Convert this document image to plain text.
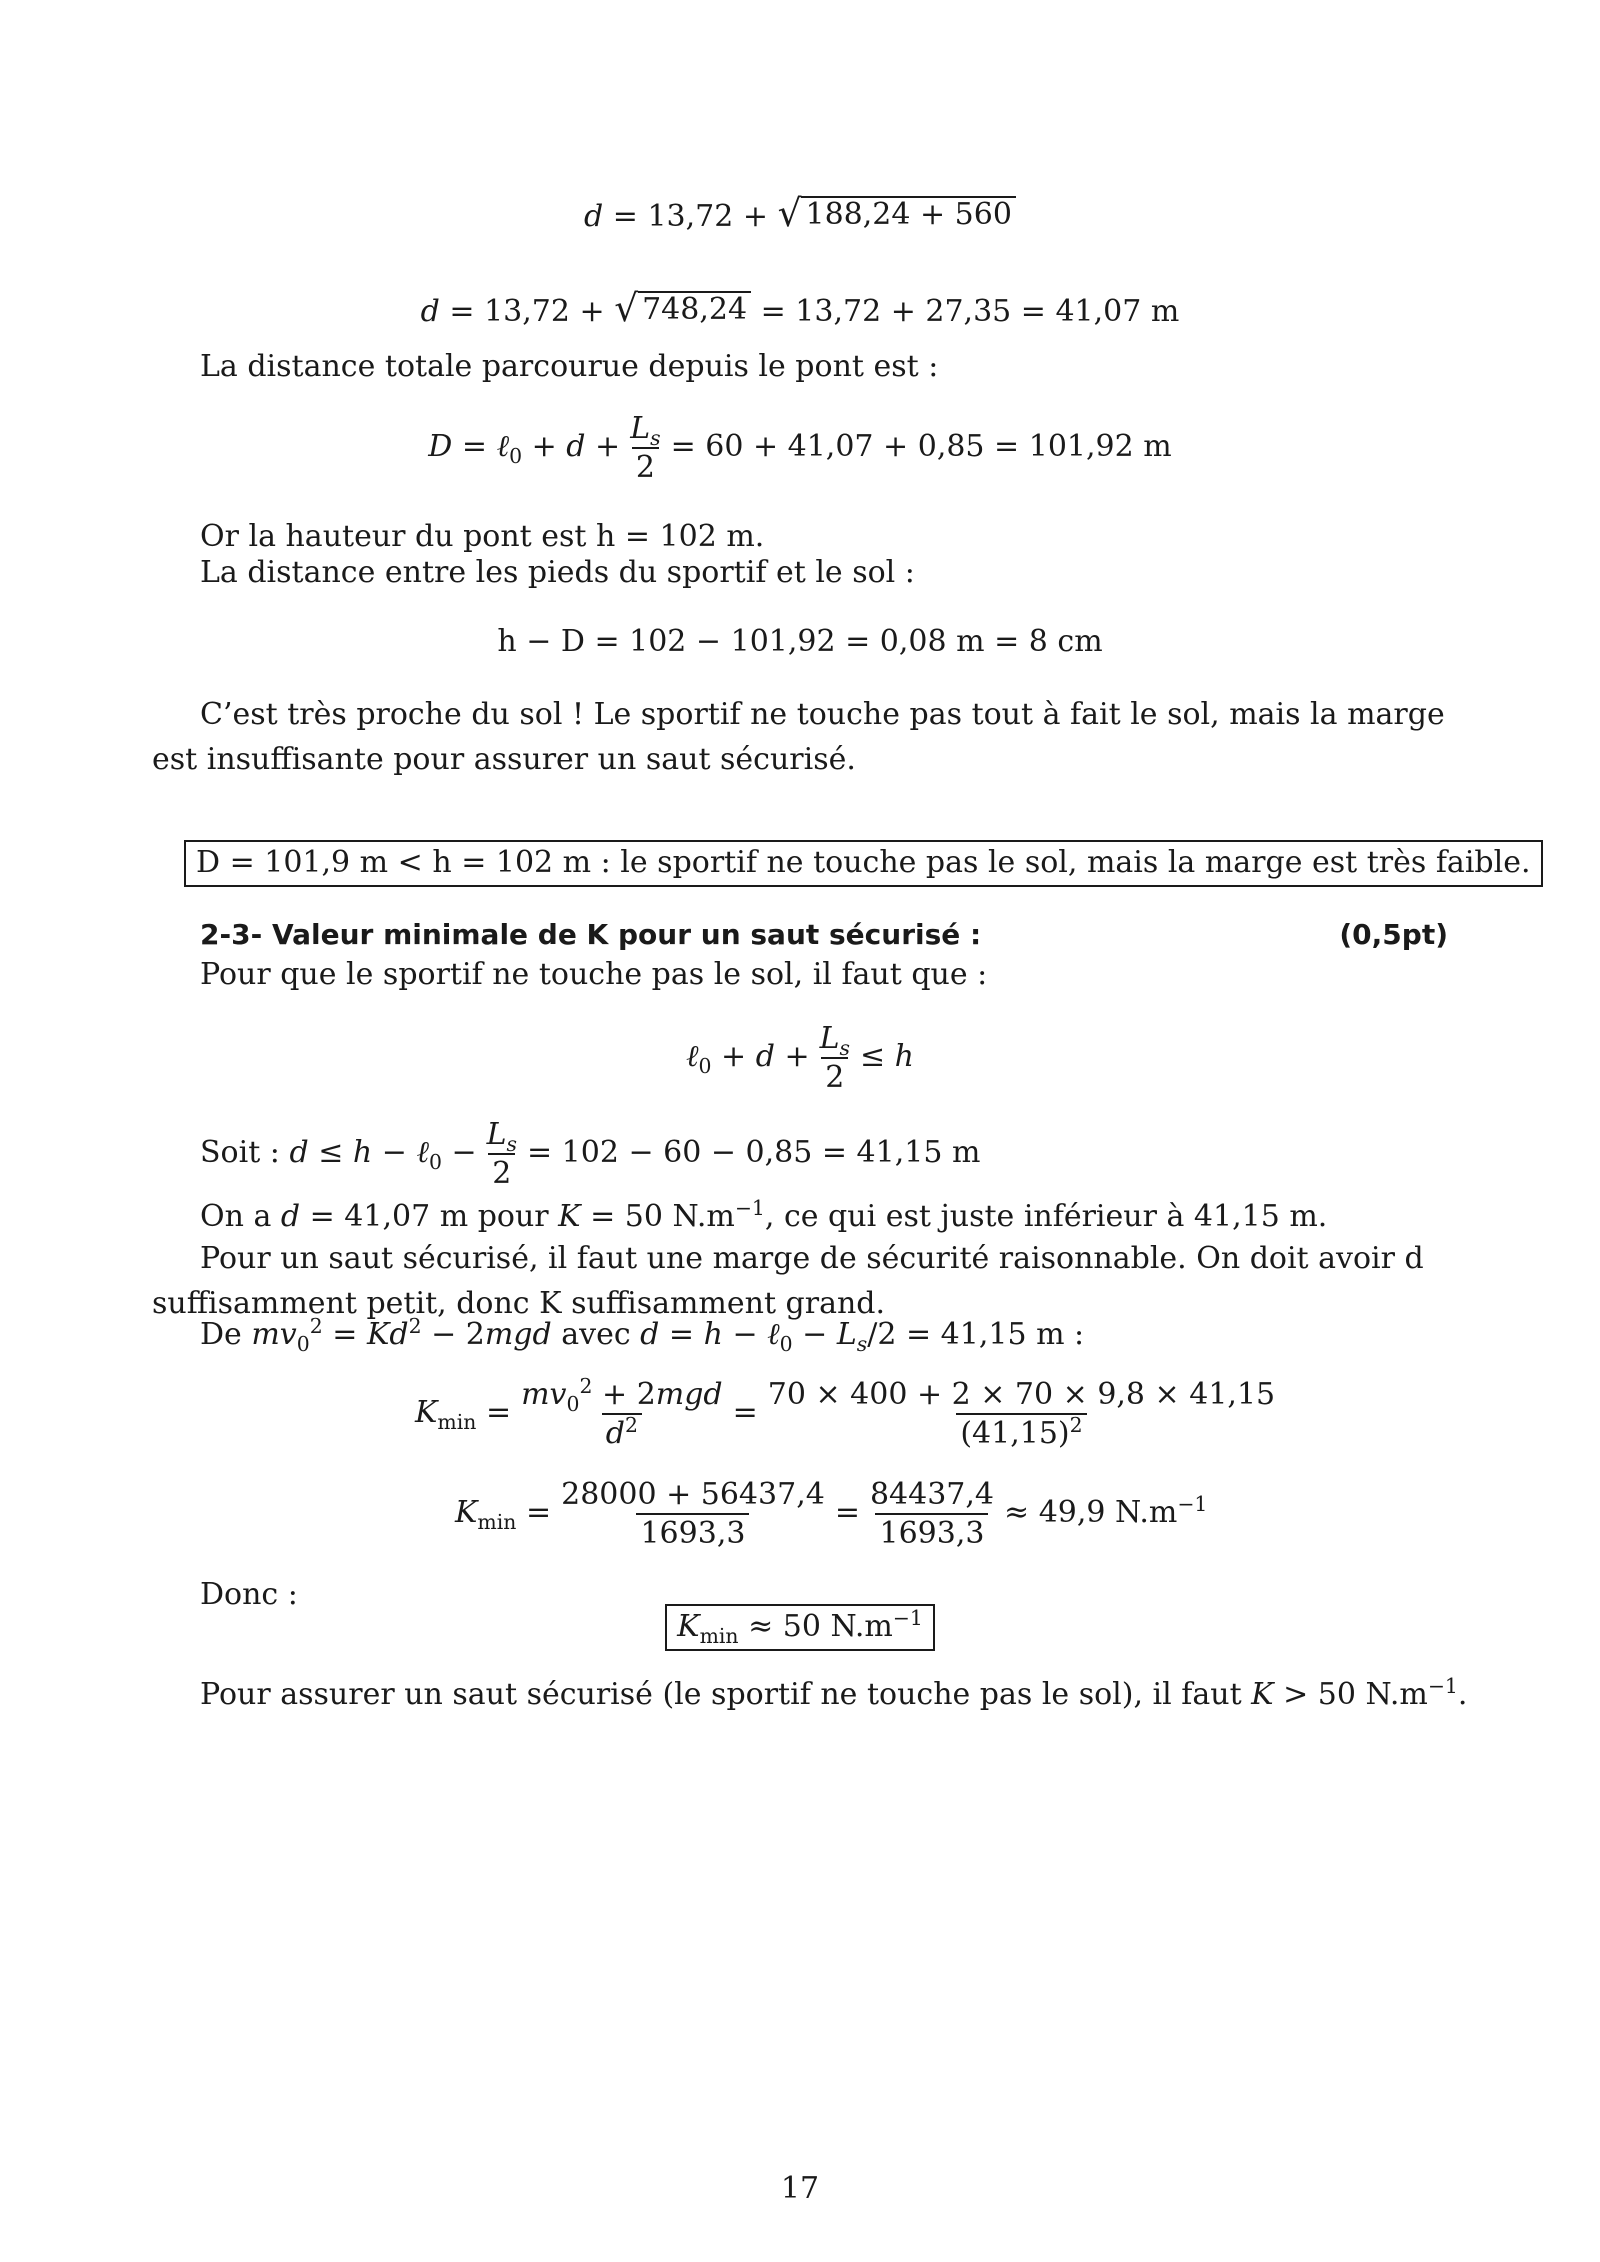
d = 13,72 + √ 188,24 + 560
d = 13,72 + √ 748,24 = 13,72 + 27,35 = 41,07 m
La distance totale parcourue depuis le pont est :
D = ℓ$_0$ + $d + \frac{L_s}{2} = 60 + 41,07 + 0,85 = 101,92$ m
Or la hauteur du pont est h = 102 m.
La distance entre les pieds du sportif et le sol :
h − D = 102 − 101,92 = 0,08 m = 8 cm
C’est très proche du sol ! Le sportif ne touche pas tout à fait le sol, mais la marge est insuffisante pour assurer un saut sécurisé.
D = 101,9 m < h = 102 m : le sportif ne touche pas le sol, mais la marge est très faible.
2-3- Valeur minimale de K pour un saut sécurisé :	(0,5pt)
Pour que le sportif ne touche pas le sol, il faut que :
ℓ$_0$ + $d + \frac{L_s}{2} \le h$
Soit : d ≤ h − ℓ$_0$ − $\frac{L_s}{2} = 102 - 60 - 0,85 = 41,15$ m
On a d = 41,07 m pour K = 50 $N.m^{-1}$, ce qui est juste inférieur à 41,15 m.
Pour un saut sécurisé, il faut une marge de sécurité raisonnable. On doit avoir d suffisamment petit, donc K suffisamment grand.
De $mv_0^2 = Kd^2 - 2mgd$ avec d = h − ℓ$_0$ − $L_s/2 = 41,15$ m :
$K_{min} = \frac{mv_0^2 + 2mgd}{d^2} = \frac{70 \times 400 + 2 \times 70 \times 9,8 \times 41,15}{(41,15)^2}$
$K_{min} = \frac{28000 + 56437,4}{1693,3} = \frac{84437,4}{1693,3} \approx 49,9$ $N.m^{-1}$
Donc :
$K_{min} \approx 50$ $N.m^{-1}$
Pour assurer un saut sécurisé (le sportif ne touche pas le sol), il faut K > 50 $N.m^{-1}$.
17
